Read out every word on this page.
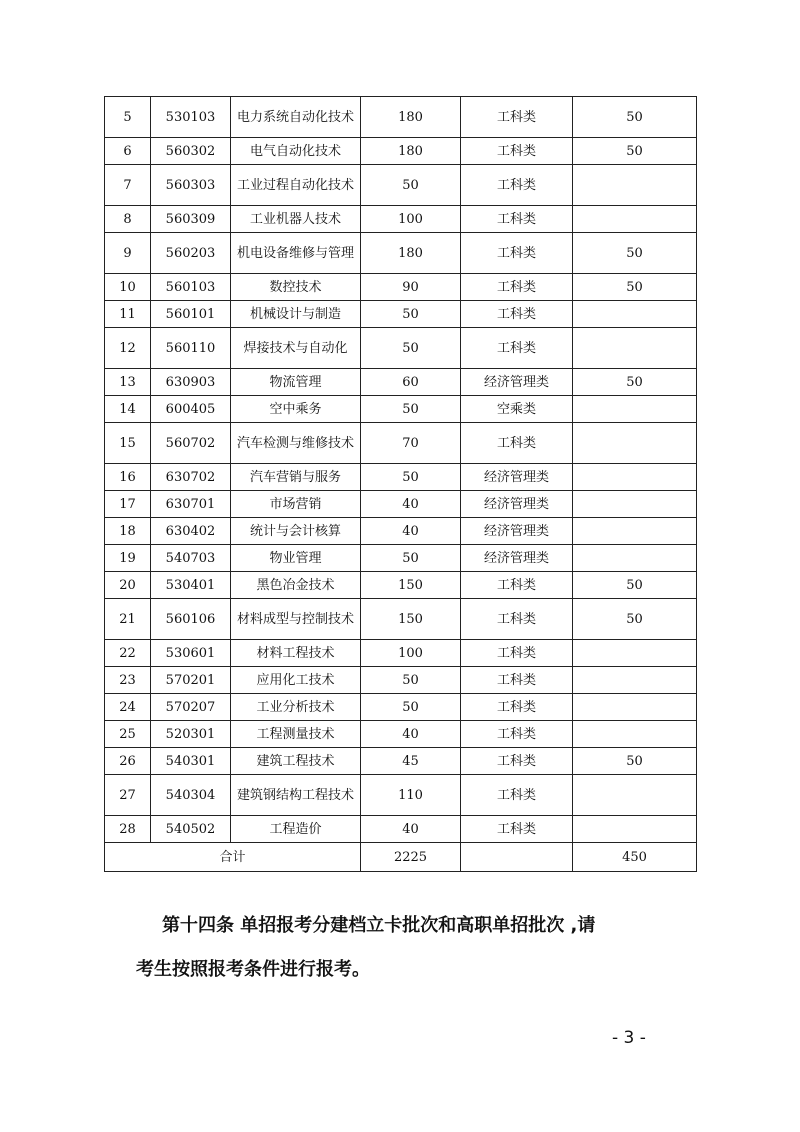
5	530103	电力系统自动化技术	180	工科类	50
6	560302	电气自动化技术	180	工科类	50
7	560303	工业过程自动化技术	50	工科类	
8	560309	工业机器人技术	100	工科类	
9	560203	机电设备维修与管理	180	工科类	50
10	560103	数控技术	90	工科类	50
11	560101	机械设计与制造	50	工科类	
12	560110	焊接技术与自动化	50	工科类	
13	630903	物流管理	60	经济管理类	50
14	600405	空中乘务	50	空乘类	
15	560702	汽车检测与维修技术	70	工科类	
16	630702	汽车营销与服务	50	经济管理类	
17	630701	市场营销	40	经济管理类	
18	630402	统计与会计核算	40	经济管理类	
19	540703	物业管理	50	经济管理类	
20	530401	黑色冶金技术	150	工科类	50
21	560106	材料成型与控制技术	150	工科类	50
22	530601	材料工程技术	100	工科类	
23	570201	应用化工技术	50	工科类	
24	570207	工业分析技术	50	工科类	
25	520301	工程测量技术	40	工科类	
26	540301	建筑工程技术	45	工科类	50
27	540304	建筑钢结构工程技术	110	工科类	
28	540502	工程造价	40	工科类	
合计			2225		450
第十四条 单招报考分建档立卡批次和高职单招批次 ,请
考生按照报考条件进行报考。
- 3 -
